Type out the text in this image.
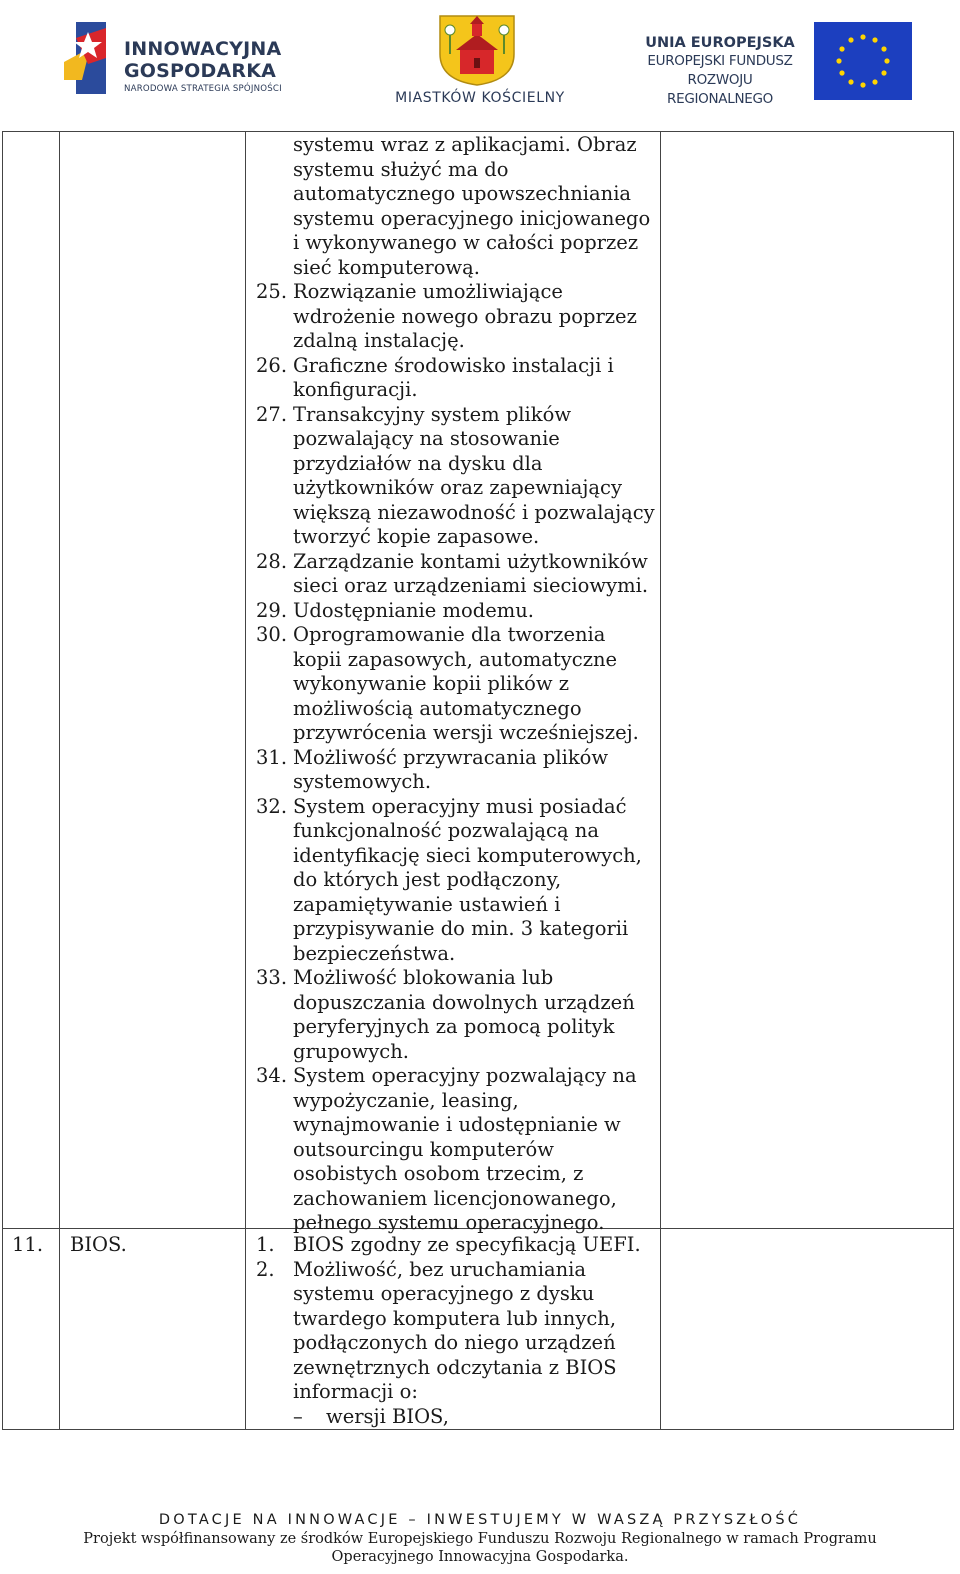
INNOWACYJNA
GOSPODARKA
NARODOWA STRATEGIA SPÓJNOŚCI
MIASTKÓW KOŚCIELNY
UNIA EUROPEJSKA
EUROPEJSKI FUNDUSZ
ROZWOJU REGIONALNEGO
systemu wraz z aplikacjami. Obraz systemu służyć ma do automatycznego upowszechniania systemu operacyjnego inicjowanego i wykonywanego w całości poprzez sieć komputerową.
25. Rozwiązanie umożliwiające wdrożenie nowego obrazu poprzez zdalną instalację.
26. Graficzne środowisko instalacji i konfiguracji.
27. Transakcyjny system plików pozwalający na stosowanie przydziałów na dysku dla użytkowników oraz zapewniający większą niezawodność i pozwalający tworzyć kopie zapasowe.
28. Zarządzanie kontami użytkowników sieci oraz urządzeniami sieciowymi.
29. Udostępnianie modemu.
30. Oprogramowanie dla tworzenia kopii zapasowych, automatyczne wykonywanie kopii plików z możliwością automatycznego przywrócenia wersji wcześniejszej.
31. Możliwość przywracania plików systemowych.
32. System operacyjny musi posiadać funkcjonalność pozwalającą na identyfikację sieci komputerowych, do których jest podłączony, zapamiętywanie ustawień i przypisywanie do min. 3 kategorii bezpieczeństwa.
33. Możliwość blokowania lub dopuszczania dowolnych urządzeń peryferyjnych za pomocą polityk grupowych.
34. System operacyjny pozwalający na wypożyczanie, leasing, wynajmowanie i udostępnianie w outsourcingu komputerów osobistych osobom trzecim, z zachowaniem licencjonowanego, pełnego systemu operacyjnego.
11. BIOS.	1. BIOS zgodny ze specyfikacją UEFI.
2. Możliwość, bez uruchamiania systemu operacyjnego z dysku twardego komputera lub innych, podłączonych do niego urządzeń zewnętrznych odczytania z BIOS informacji o:
–	wersji BIOS,
DOTACJE NA INNOWACJE – INWESTUJEMY W WASZĄ PRZYSZŁOŚĆ
Projekt współfinansowany ze środków Europejskiego Funduszu Rozwoju Regionalnego w ramach Programu Operacyjnego Innowacyjna Gospodarka.
